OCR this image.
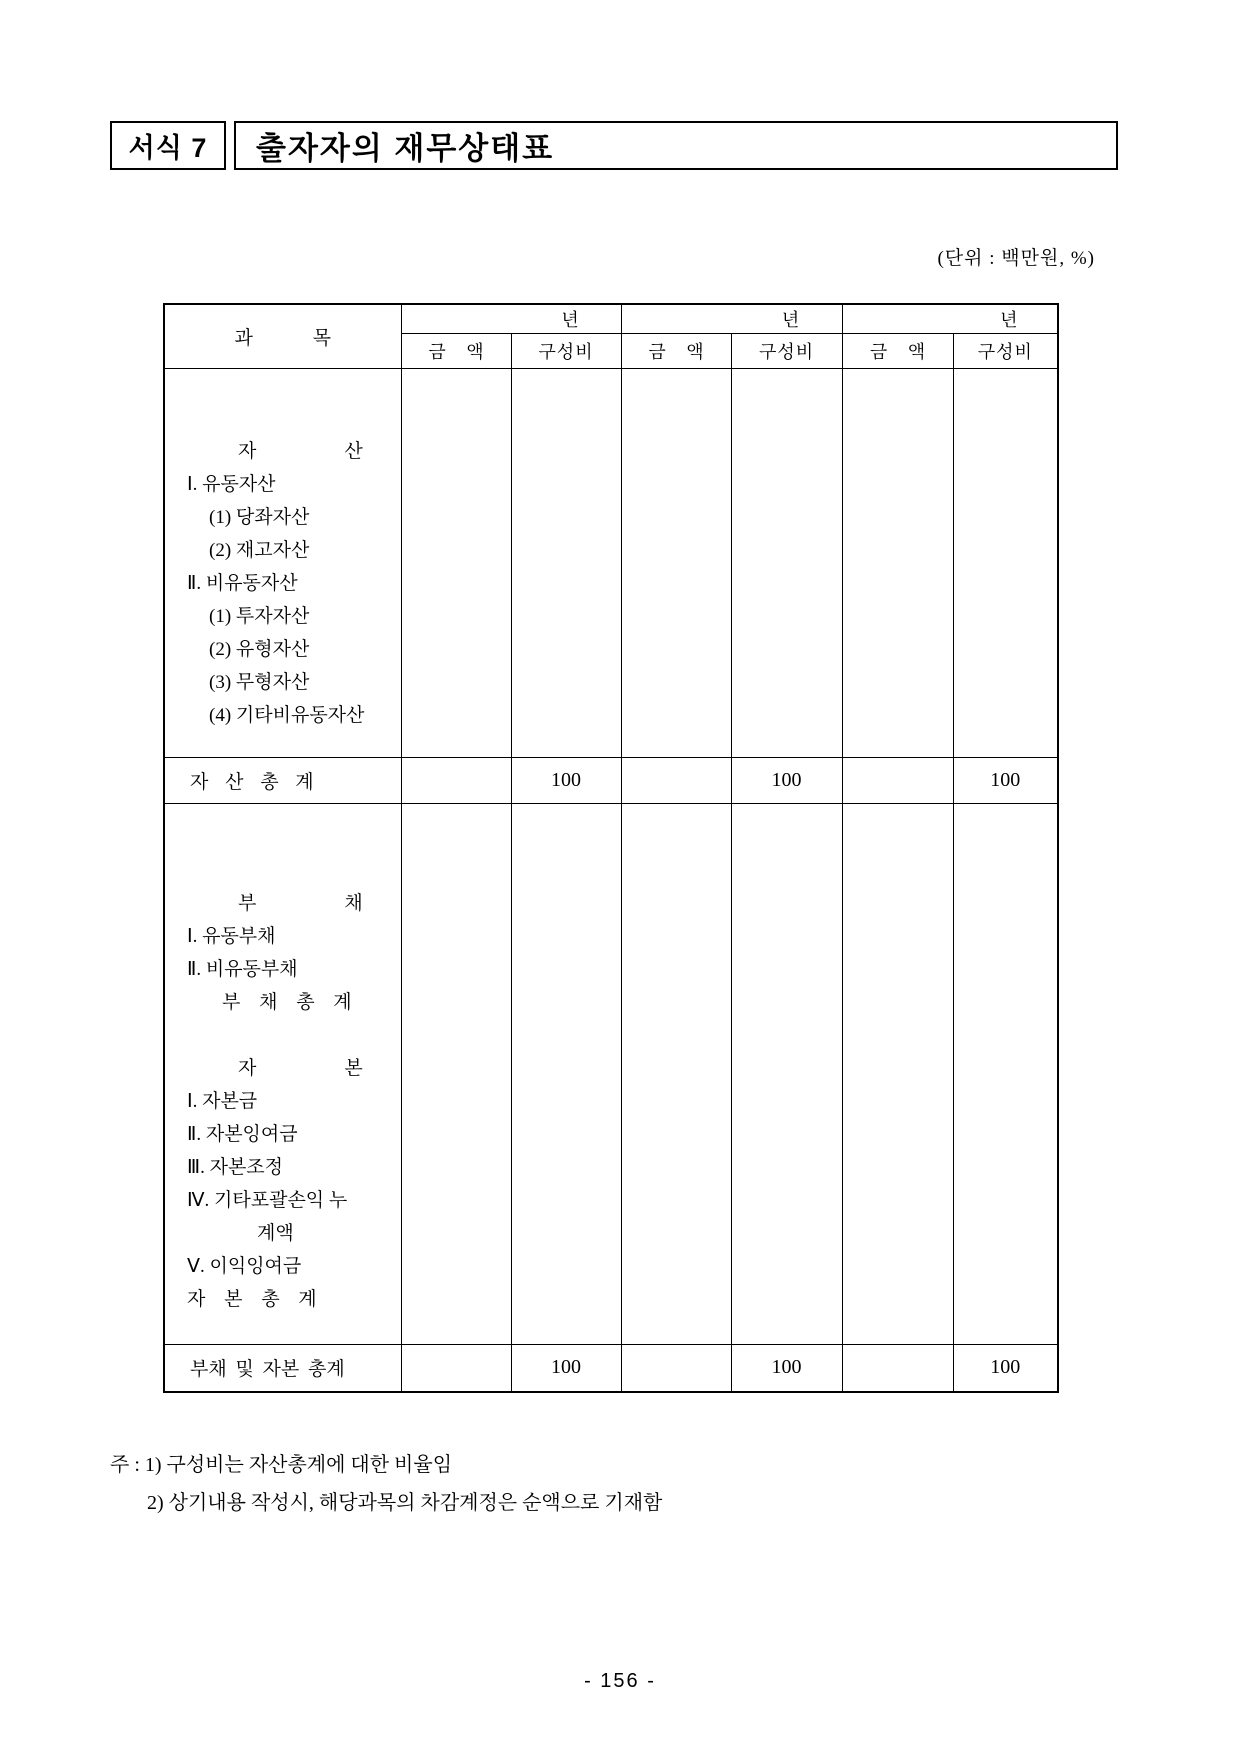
서식 7 출자자의 재무상태표
(단위 : 백만원, %)
과 목	년		년		년	
	금 액	구성비	금 액	구성비	금 액	구성비

자	산

Ⅰ. 유동자산

(1) 당좌자산

(2) 재고자산

Ⅱ. 비유동자산

(1) 투자자산

(2) 유형자산

(3) 무형자산

(4) 기타비유동자산

자 산 총 계		100		100		100

부	채

Ⅰ. 유동부채

Ⅱ. 비유동부채

부 채 총 계

자	본

Ⅰ. 자본금

Ⅱ. 자본잉여금

Ⅲ. 자본조정

Ⅳ. 기타포괄손익 누

계액

Ⅴ. 이익잉여금

자 본 총 계

부채 및 자본 총계		100		100		100
주 : 1) 구성비는 자산총계에 대한 비율임
2) 상기내용 작성시, 해당과목의 차감계정은 순액으로 기재함
- 156 -
